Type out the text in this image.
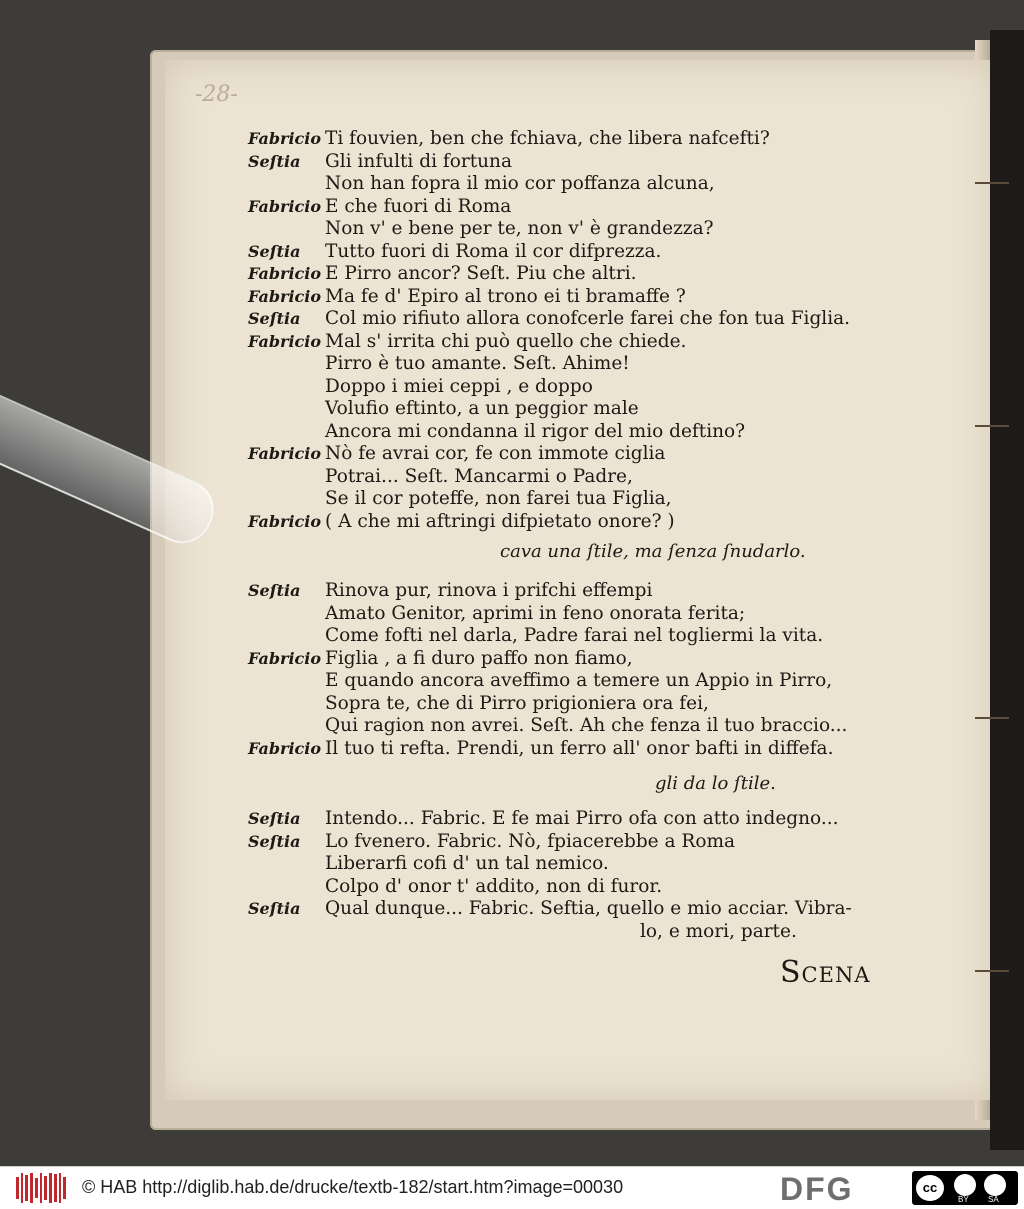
-28-
Fabricio Ti fouvien, ben che fchiava, che libera nafcefti?
Seſtia Gli infulti di fortuna
Non han fopra il mio cor poffanza alcuna,
Fabricio E che fuori di Roma
Non v' e bene per te, non v' è grandezza?
Seſtia Tutto fuori di Roma il cor difprezza.
Fabricio E Pirro ancor? Seſt. Piu che altri.
Fabricio Ma fe d' Epiro al trono ei ti bramaffe ?
Seſtia Col mio rifiuto allora conofcerle farei che fon tua Figlia.
Fabricio Mal s' irrita chi può quello che chiede.
Pirro è tuo amante. Seſt. Ahime!
Doppo i miei ceppi , e doppo
Volufio eftinto, a un peggior male
Ancora mi condanna il rigor del mio deftino?
Fabricio Nò fe avrai cor, fe con immote ciglia
Potrai... Seſt. Mancarmi o Padre,
Se il cor poteffe, non farei tua Figlia,
Fabricio ( A che mi aftringi difpietato onore? )
cava una ſtile, ma ſenza ſnudarlo.
Seſtia Rinova pur, rinova i prifchi effempi
Amato Genitor, aprimi in feno onorata ferita;
Come fofti nel darla, Padre farai nel togliermi la vita.
Fabricio Figlia , a fi duro paffo non fiamo,
E quando ancora aveffimo a temere un Appio in Pirro,
Sopra te, che di Pirro prigioniera ora fei,
Qui ragion non avrei. Seſt. Ah che fenza il tuo braccio...
Fabricio Il tuo ti refta. Prendi, un ferro all' onor bafti in diffefa.
gli da lo ſtile.
Seſtia Intendo... Fabric. E fe mai Pirro ofa con atto indegno...
Seſtia Lo fvenero. Fabric. Nò, fpiacerebbe a Roma
Liberarfi cofi d' un tal nemico.
Colpo d' onor t' addito, non di furor.
Seſtia Qual dunque... Fabric. Seftia, quello e mio acciar. Vibra-
lo, e mori, parte.
Scena
© HAB http://diglib.hab.de/drucke/textb-182/start.htm?image=00030	DFG	cc
BY SA
